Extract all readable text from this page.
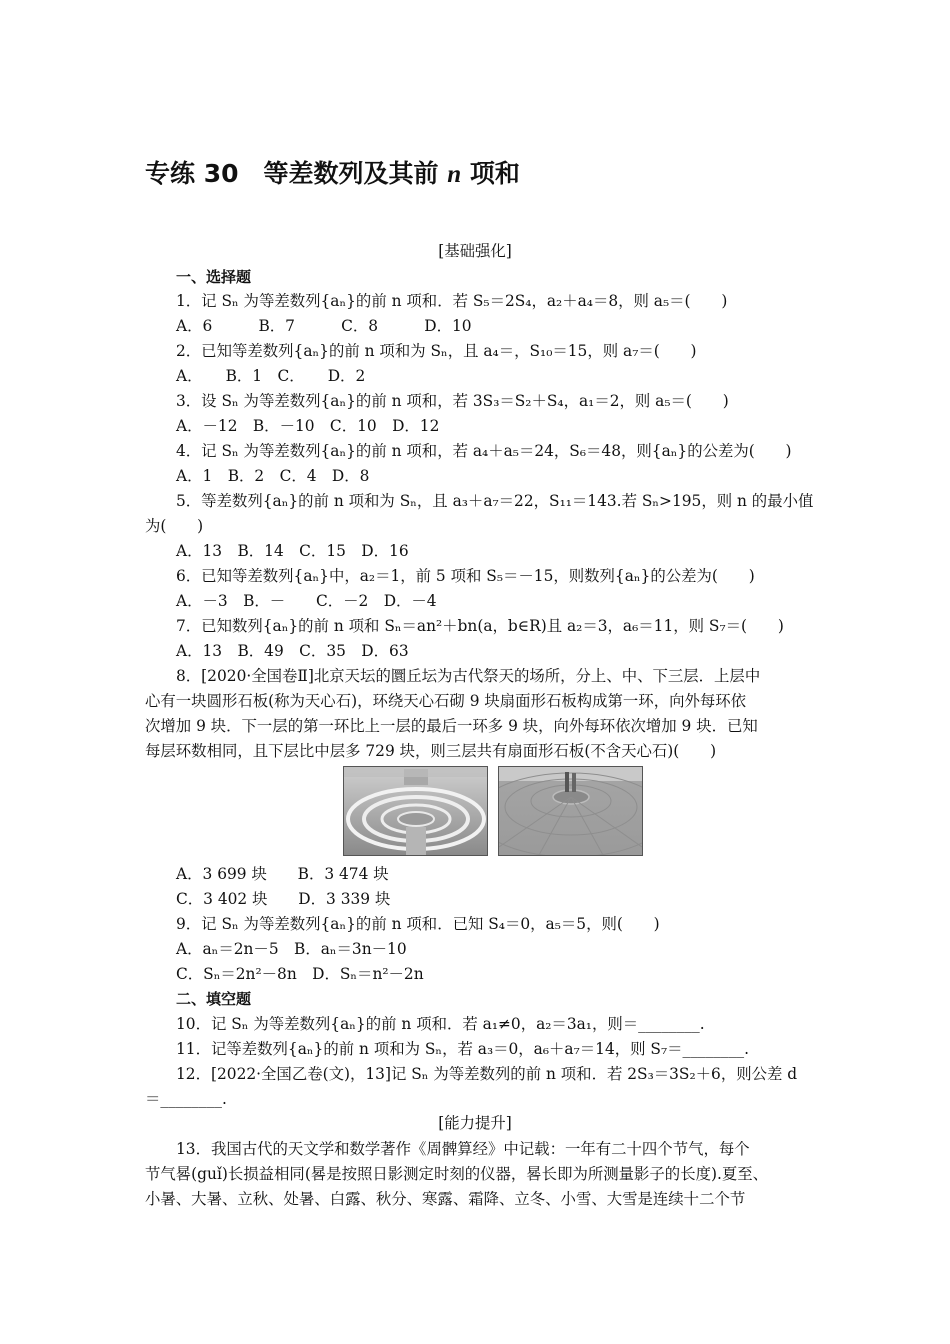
专练 30　等差数列及其前 n 项和
[基础强化]
一、选择题
1．记 Sₙ 为等差数列{aₙ}的前 n 项和．若 S₅＝2S₄，a₂＋a₄＝8，则 a₅＝(　　)
A．6　　　B．7　　　C．8　　　D．10
2．已知等差数列{aₙ}的前 n 项和为 Sₙ，且 a₄＝，S₁₀＝15，则 a₇＝(　　)
A．　　B．1　C．　　D．2
3．设 Sₙ 为等差数列{aₙ}的前 n 项和，若 3S₃＝S₂＋S₄，a₁＝2，则 a₅＝(　　)
A．－12　B．－10　C．10　D．12
4．记 Sₙ 为等差数列{aₙ}的前 n 项和，若 a₄＋a₅＝24，S₆＝48，则{aₙ}的公差为(　　)
A．1　B．2　C．4　D．8
5．等差数列{aₙ}的前 n 项和为 Sₙ，且 a₃＋a₇＝22，S₁₁＝143.若 Sₙ>195，则 n 的最小值
为(　　)
A．13　B．14　C．15　D．16
6．已知等差数列{aₙ}中，a₂＝1，前 5 项和 S₅＝－15，则数列{aₙ}的公差为(　　)
A．－3　B．－　　C．－2　D．－4
7．已知数列{aₙ}的前 n 项和 Sₙ＝an²＋bn(a，b∈R)且 a₂＝3，a₆＝11，则 S₇＝(　　)
A．13　B．49　C．35　D．63
8．[2020·全国卷Ⅱ]北京天坛的圜丘坛为古代祭天的场所，分上、中、下三层．上层中
心有一块圆形石板(称为天心石)，环绕天心石砌 9 块扇面形石板构成第一环，向外每环依
次增加 9 块．下一层的第一环比上一层的最后一环多 9 块，向外每环依次增加 9 块．已知
每层环数相同，且下层比中层多 729 块，则三层共有扇面形石板(不含天心石)(　　)
A．3 699 块　　B．3 474 块
C．3 402 块　　D．3 339 块
9．记 Sₙ 为等差数列{aₙ}的前 n 项和．已知 S₄＝0，a₅＝5，则(　　)
A．aₙ＝2n－5　B．aₙ＝3n－10
C．Sₙ＝2n²－8n　D．Sₙ＝n²－2n
二、填空题
10．记 Sₙ 为等差数列{aₙ}的前 n 项和．若 a₁≠0，a₂＝3a₁，则＝________.
11．记等差数列{aₙ}的前 n 项和为 Sₙ，若 a₃＝0，a₆＋a₇＝14，则 S₇＝________.
12．[2022·全国乙卷(文)，13]记 Sₙ 为等差数列的前 n 项和．若 2S₃＝3S₂＋6，则公差 d
＝________.
[能力提升]
13．我国古代的天文学和数学著作《周髀算经》中记载：一年有二十四个节气，每个
节气晷(guǐ)长损益相同(晷是按照日影测定时刻的仪器，晷长即为所测量影子的长度).夏至、
小暑、大暑、立秋、处暑、白露、秋分、寒露、霜降、立冬、小雪、大雪是连续十二个节
